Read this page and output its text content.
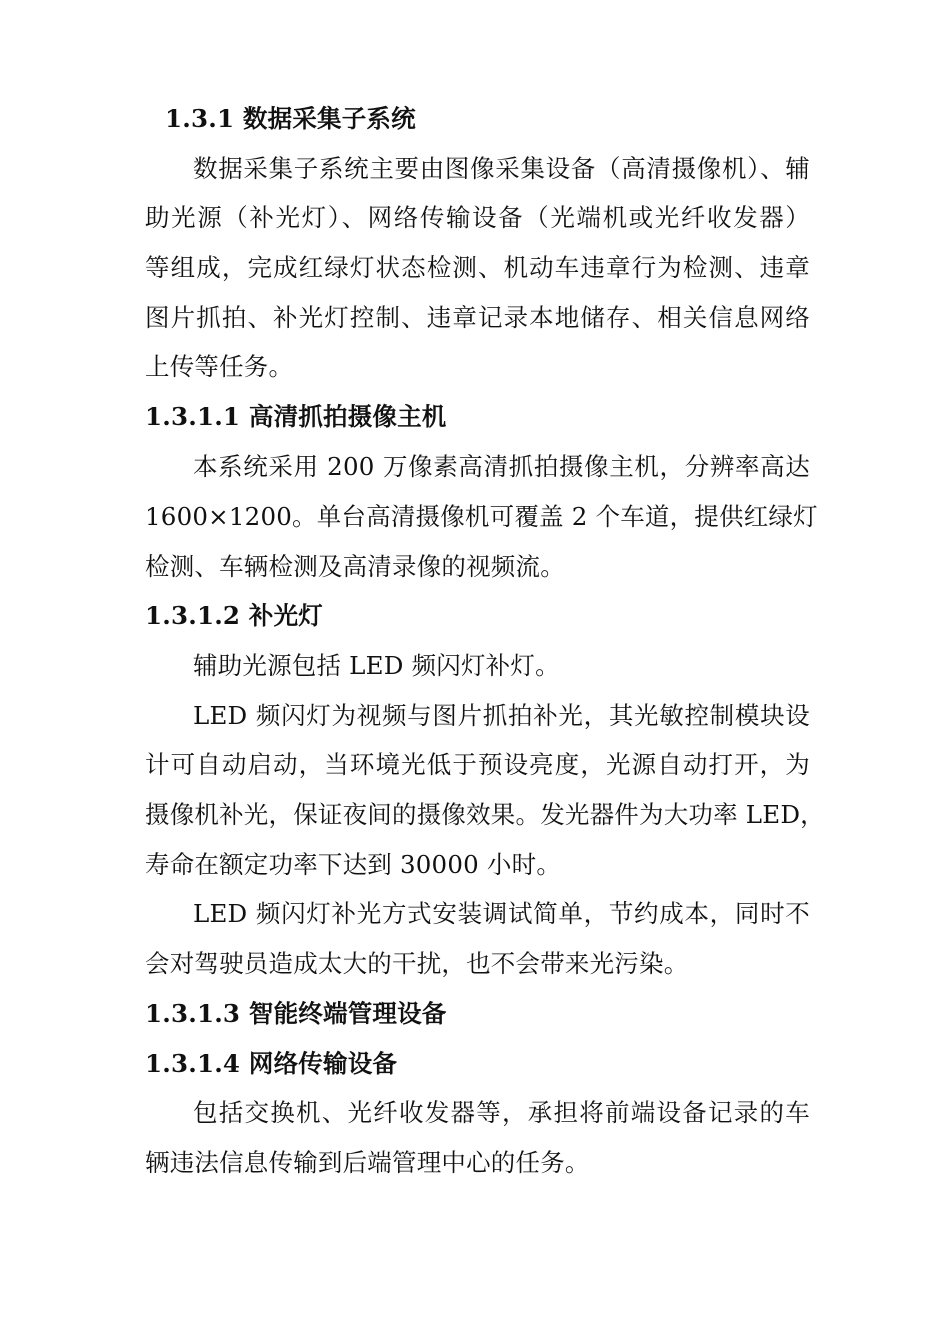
1.3.1 数据采集子系统
数据采集子系统主要由图像采集设备（高清摄像机）、辅
助光源（补光灯）、网络传输设备（光端机或光纤收发器）
等组成，完成红绿灯状态检测、机动车违章行为检测、违章
图片抓拍、补光灯控制、违章记录本地储存、相关信息网络
上传等任务。
1.3.1.1 高清抓拍摄像主机
本系统采用 200 万像素高清抓拍摄像主机，分辨率高达
1600×1200。单台高清摄像机可覆盖 2 个车道，提供红绿灯
检测、车辆检测及高清录像的视频流。
1.3.1.2 补光灯
辅助光源包括 LED 频闪灯补灯。
LED 频闪灯为视频与图片抓拍补光，其光敏控制模块设
计可自动启动，当环境光低于预设亮度，光源自动打开，为
摄像机补光，保证夜间的摄像效果。发光器件为大功率 LED，
寿命在额定功率下达到 30000 小时。
LED 频闪灯补光方式安装调试简单，节约成本，同时不
会对驾驶员造成太大的干扰，也不会带来光污染。
1.3.1.3 智能终端管理设备
1.3.1.4 网络传输设备
包括交换机、光纤收发器等，承担将前端设备记录的车
辆违法信息传输到后端管理中心的任务。
